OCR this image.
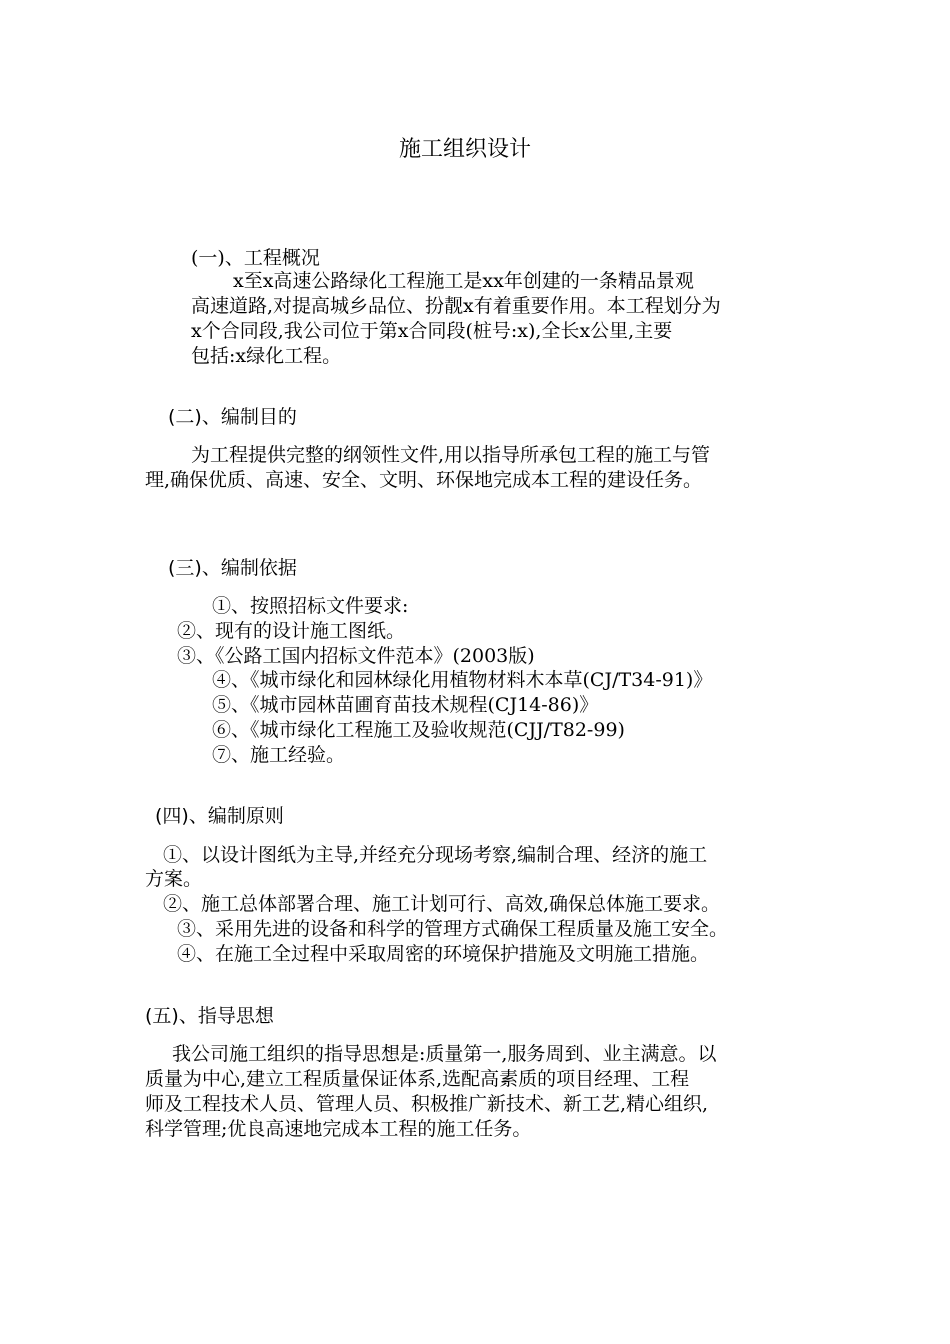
施工组织设计
(一)、工程概况
x至x高速公路绿化工程施工是xx年创建的一条精品景观
高速道路,对提高城乡品位、扮靓x有着重要作用。本工程划分为
x个合同段,我公司位于第x合同段(桩号:x),全长x公里,主要
包括:x绿化工程。
(二)、编制目的
为工程提供完整的纲领性文件,用以指导所承包工程的施工与管
理,确保优质、高速、安全、文明、环保地完成本工程的建设任务。
(三)、编制依据
①、按照招标文件要求:
②、现有的设计施工图纸。
③、《公路工国内招标文件范本》(2003版)
④、《城市绿化和园林绿化用植物材料木本草(CJ/T34-91)》
⑤、《城市园林苗圃育苗技术规程(CJ14-86)》
⑥、《城市绿化工程施工及验收规范(CJJ/T82-99)
⑦、施工经验。
(四)、编制原则
①、以设计图纸为主导,并经充分现场考察,编制合理、经济的施工
方案。
②、施工总体部署合理、施工计划可行、高效,确保总体施工要求。
③、采用先进的设备和科学的管理方式确保工程质量及施工安全。
④、在施工全过程中采取周密的环境保护措施及文明施工措施。
(五)、指导思想
我公司施工组织的指导思想是:质量第一,服务周到、业主满意。以
质量为中心,建立工程质量保证体系,选配高素质的项目经理、工程
师及工程技术人员、管理人员、积极推广新技术、新工艺,精心组织,
科学管理;优良高速地完成本工程的施工任务。
